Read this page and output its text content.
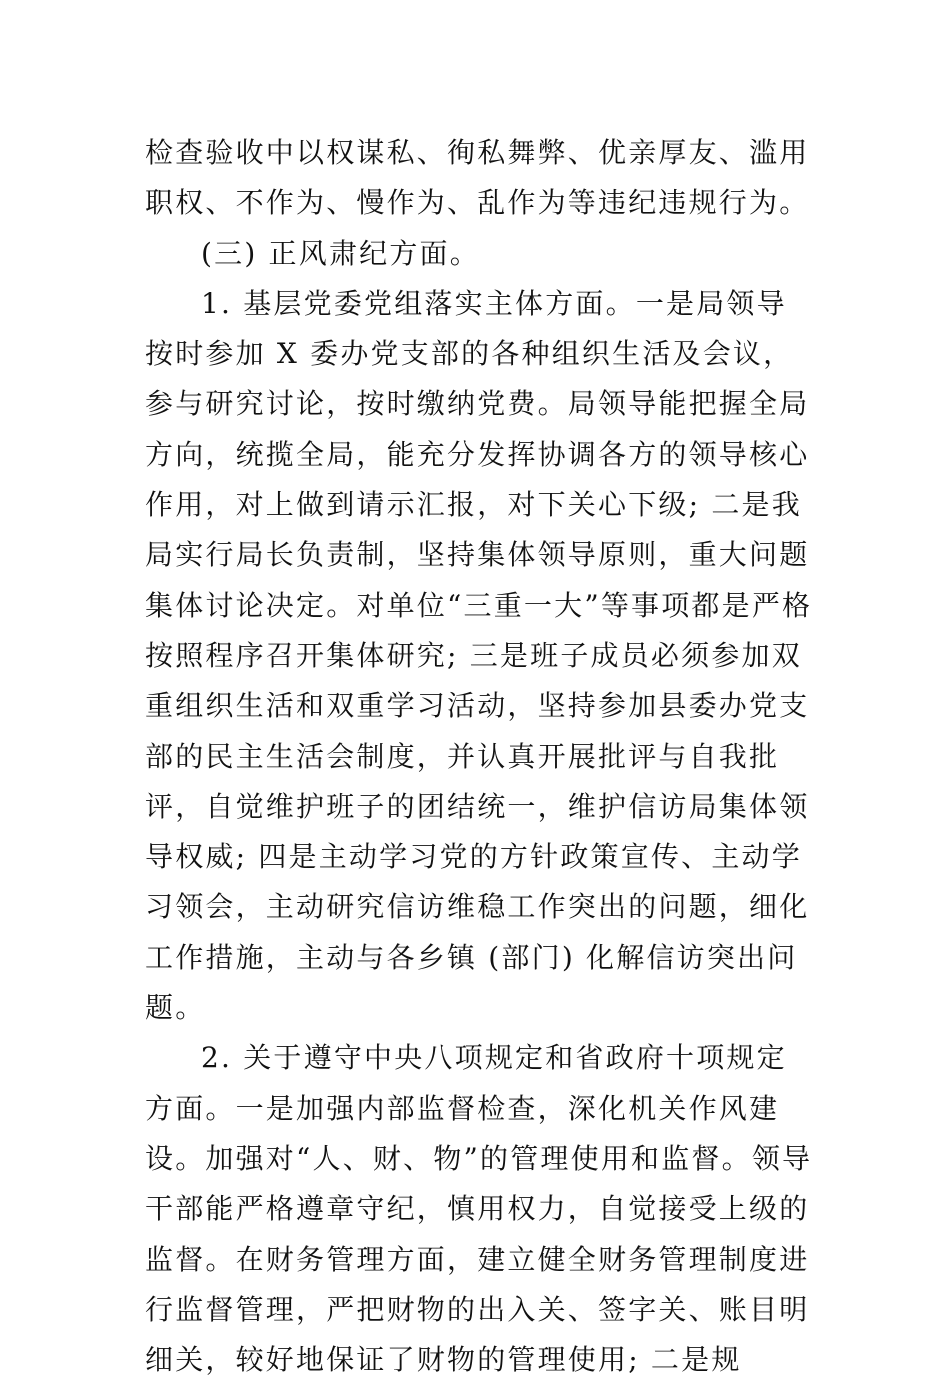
检查验收中以权谋私、徇私舞弊、优亲厚友、滥用职权、不作为、慢作为、乱作为等违纪违规行为。

(三) 正风肃纪方面。

1. 基层党委党组落实主体方面。一是局领导按时参加 X 委办党支部的各种组织生活及会议，参与研究讨论，按时缴纳党费。局领导能把握全局方向，统揽全局，能充分发挥协调各方的领导核心作用，对上做到请示汇报，对下关心下级; 二是我局实行局长负责制，坚持集体领导原则，重大问题集体讨论决定。对单位“三重一大”等事项都是严格按照程序召开集体研究; 三是班子成员必须参加双重组织生活和双重学习活动，坚持参加县委办党支部的民主生活会制度，并认真开展批评与自我批评，自觉维护班子的团结统一，维护信访局集体领导权威; 四是主动学习党的方针政策宣传、主动学习领会，主动研究信访维稳工作突出的问题，细化工作措施，主动与各乡镇 (部门) 化解信访突出问题。

2. 关于遵守中央八项规定和省政府十项规定方面。一是加强内部监督检查，深化机关作风建设。加强对“人、财、物”的管理使用和监督。领导干部能严格遵章守纪，慎用权力，自觉接受上级的监督。在财务管理方面，建立健全财务管理制度进行监督管理，严把财物的出入关、签字关、账目明细关，较好地保证了财物的管理使用; 二是规
